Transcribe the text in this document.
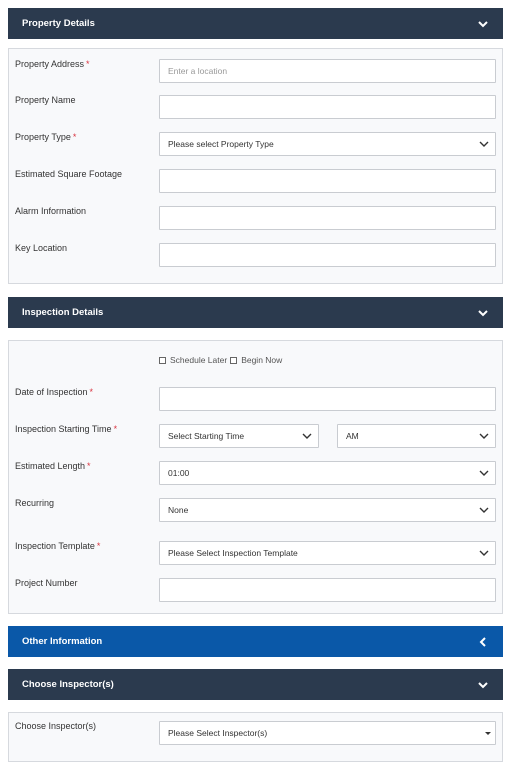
Property Details
Property Address *
Enter a location
Property Name
Property Type *
Please select Property Type
Estimated Square Footage
Alarm Information
Key Location
Inspection Details
Schedule Later Begin Now
Date of Inspection *
Inspection Starting Time *
Select Starting Time	AM
Estimated Length *
01:00
Recurring
None
Inspection Template *
Please Select Inspection Template
Project Number
Other Information
Choose Inspector(s)
Choose Inspector(s)
Please Select Inspector(s)
